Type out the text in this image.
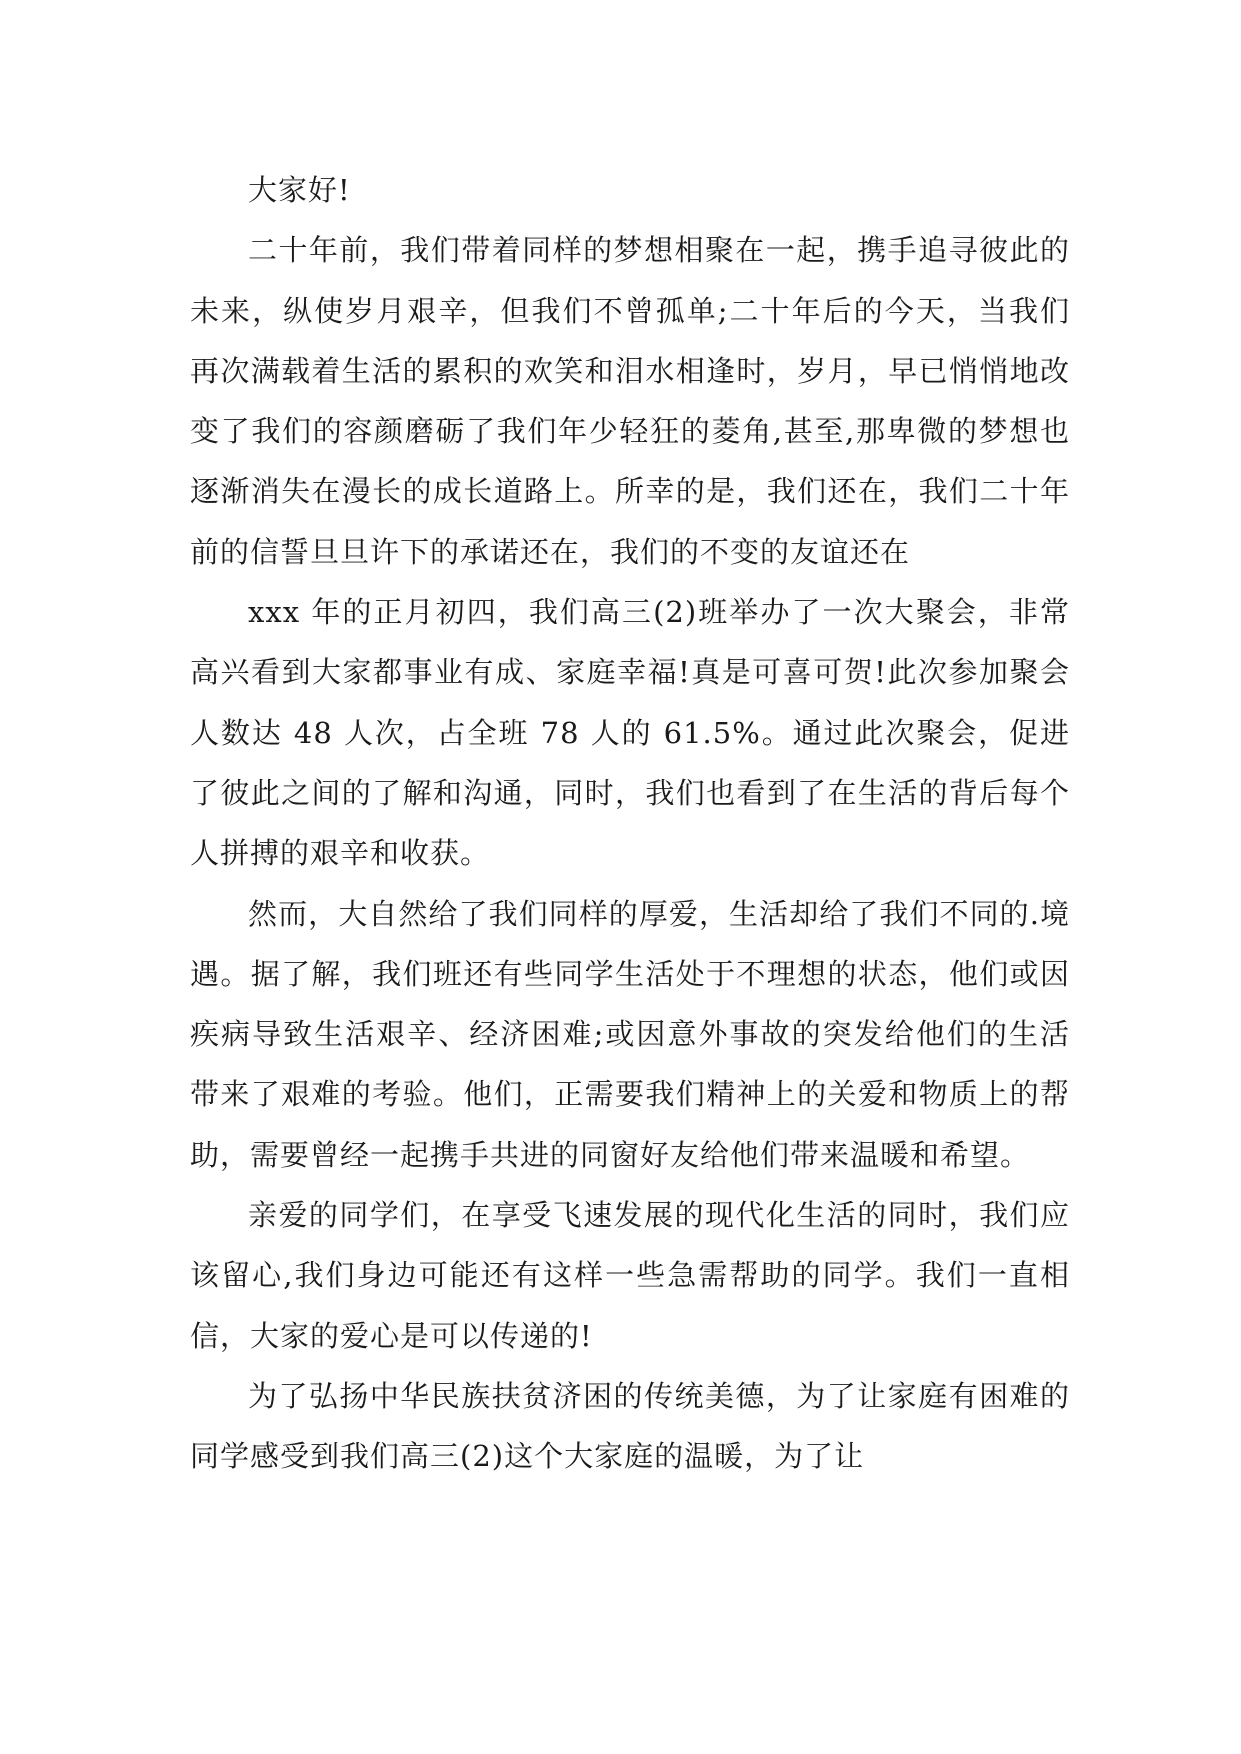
大家好!

二十年前，我们带着同样的梦想相聚在一起，携手追寻彼此的未来，纵使岁月艰辛，但我们不曾孤单;二十年后的今天，当我们再次满载着生活的累积的欢笑和泪水相逢时，岁月，早已悄悄地改变了我们的容颜磨砺了我们年少轻狂的菱角,甚至,那卑微的梦想也逐渐消失在漫长的成长道路上。所幸的是，我们还在，我们二十年前的信誓旦旦许下的承诺还在，我们的不变的友谊还在

xxx 年的正月初四，我们高三(2)班举办了一次大聚会，非常高兴看到大家都事业有成、家庭幸福!真是可喜可贺!此次参加聚会人数达 48 人次，占全班 78 人的 61.5%。通过此次聚会，促进了彼此之间的了解和沟通，同时，我们也看到了在生活的背后每个人拼搏的艰辛和收获。

然而，大自然给了我们同样的厚爱，生活却给了我们不同的.境遇。据了解，我们班还有些同学生活处于不理想的状态，他们或因疾病导致生活艰辛、经济困难;或因意外事故的突发给他们的生活带来了艰难的考验。他们，正需要我们精神上的关爱和物质上的帮助，需要曾经一起携手共进的同窗好友给他们带来温暖和希望。

亲爱的同学们，在享受飞速发展的现代化生活的同时，我们应该留心,我们身边可能还有这样一些急需帮助的同学。我们一直相信，大家的爱心是可以传递的!

为了弘扬中华民族扶贫济困的传统美德，为了让家庭有困难的同学感受到我们高三(2)这个大家庭的温暖，为了让
